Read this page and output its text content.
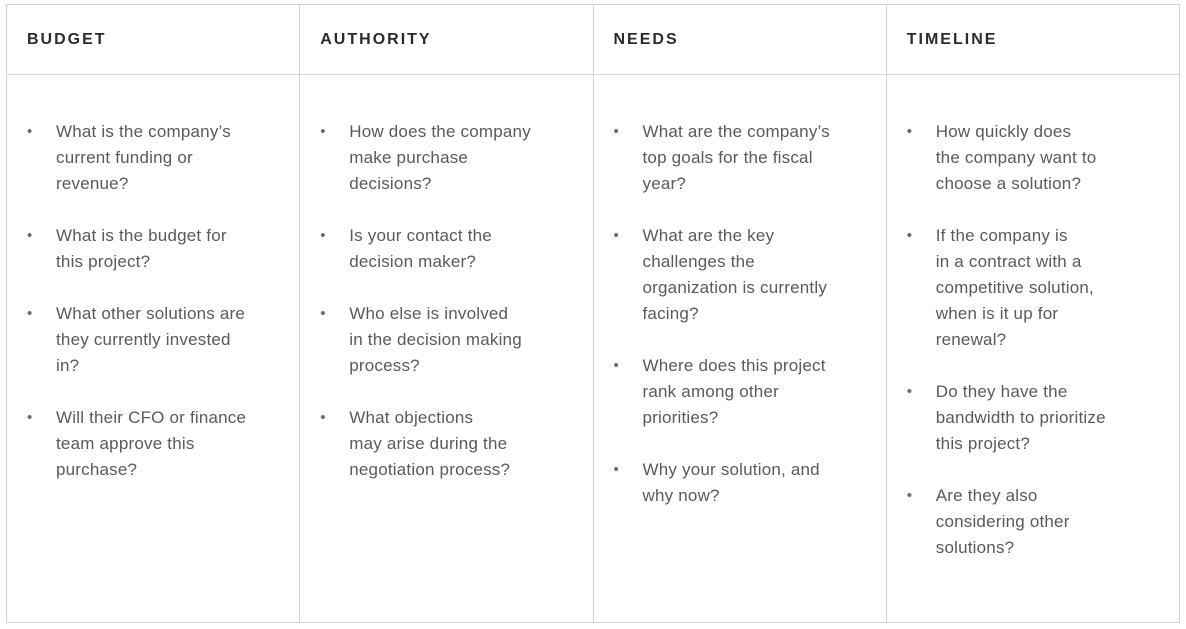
BUDGET
• What is the company’s
current funding or
revenue?
• What is the budget for
this project?
• What other solutions are
they currently invested
in?
• Will their CFO or finance
team approve this
purchase?
AUTHORITY
• How does the company
make purchase
decisions?
• Is your contact the
decision maker?
• Who else is involved
in the decision making
process?
• What objections
may arise during the
negotiation process?
NEEDS
• What are the company’s
top goals for the fiscal
year?
• What are the key
challenges the
organization is currently
facing?
• Where does this project
rank among other
priorities?
• Why your solution, and
why now?
TIMELINE
• How quickly does
the company want to
choose a solution?
• If the company is
in a contract with a
competitive solution,
when is it up for
renewal?
• Do they have the
bandwidth to prioritize
this project?
• Are they also
considering other
solutions?
